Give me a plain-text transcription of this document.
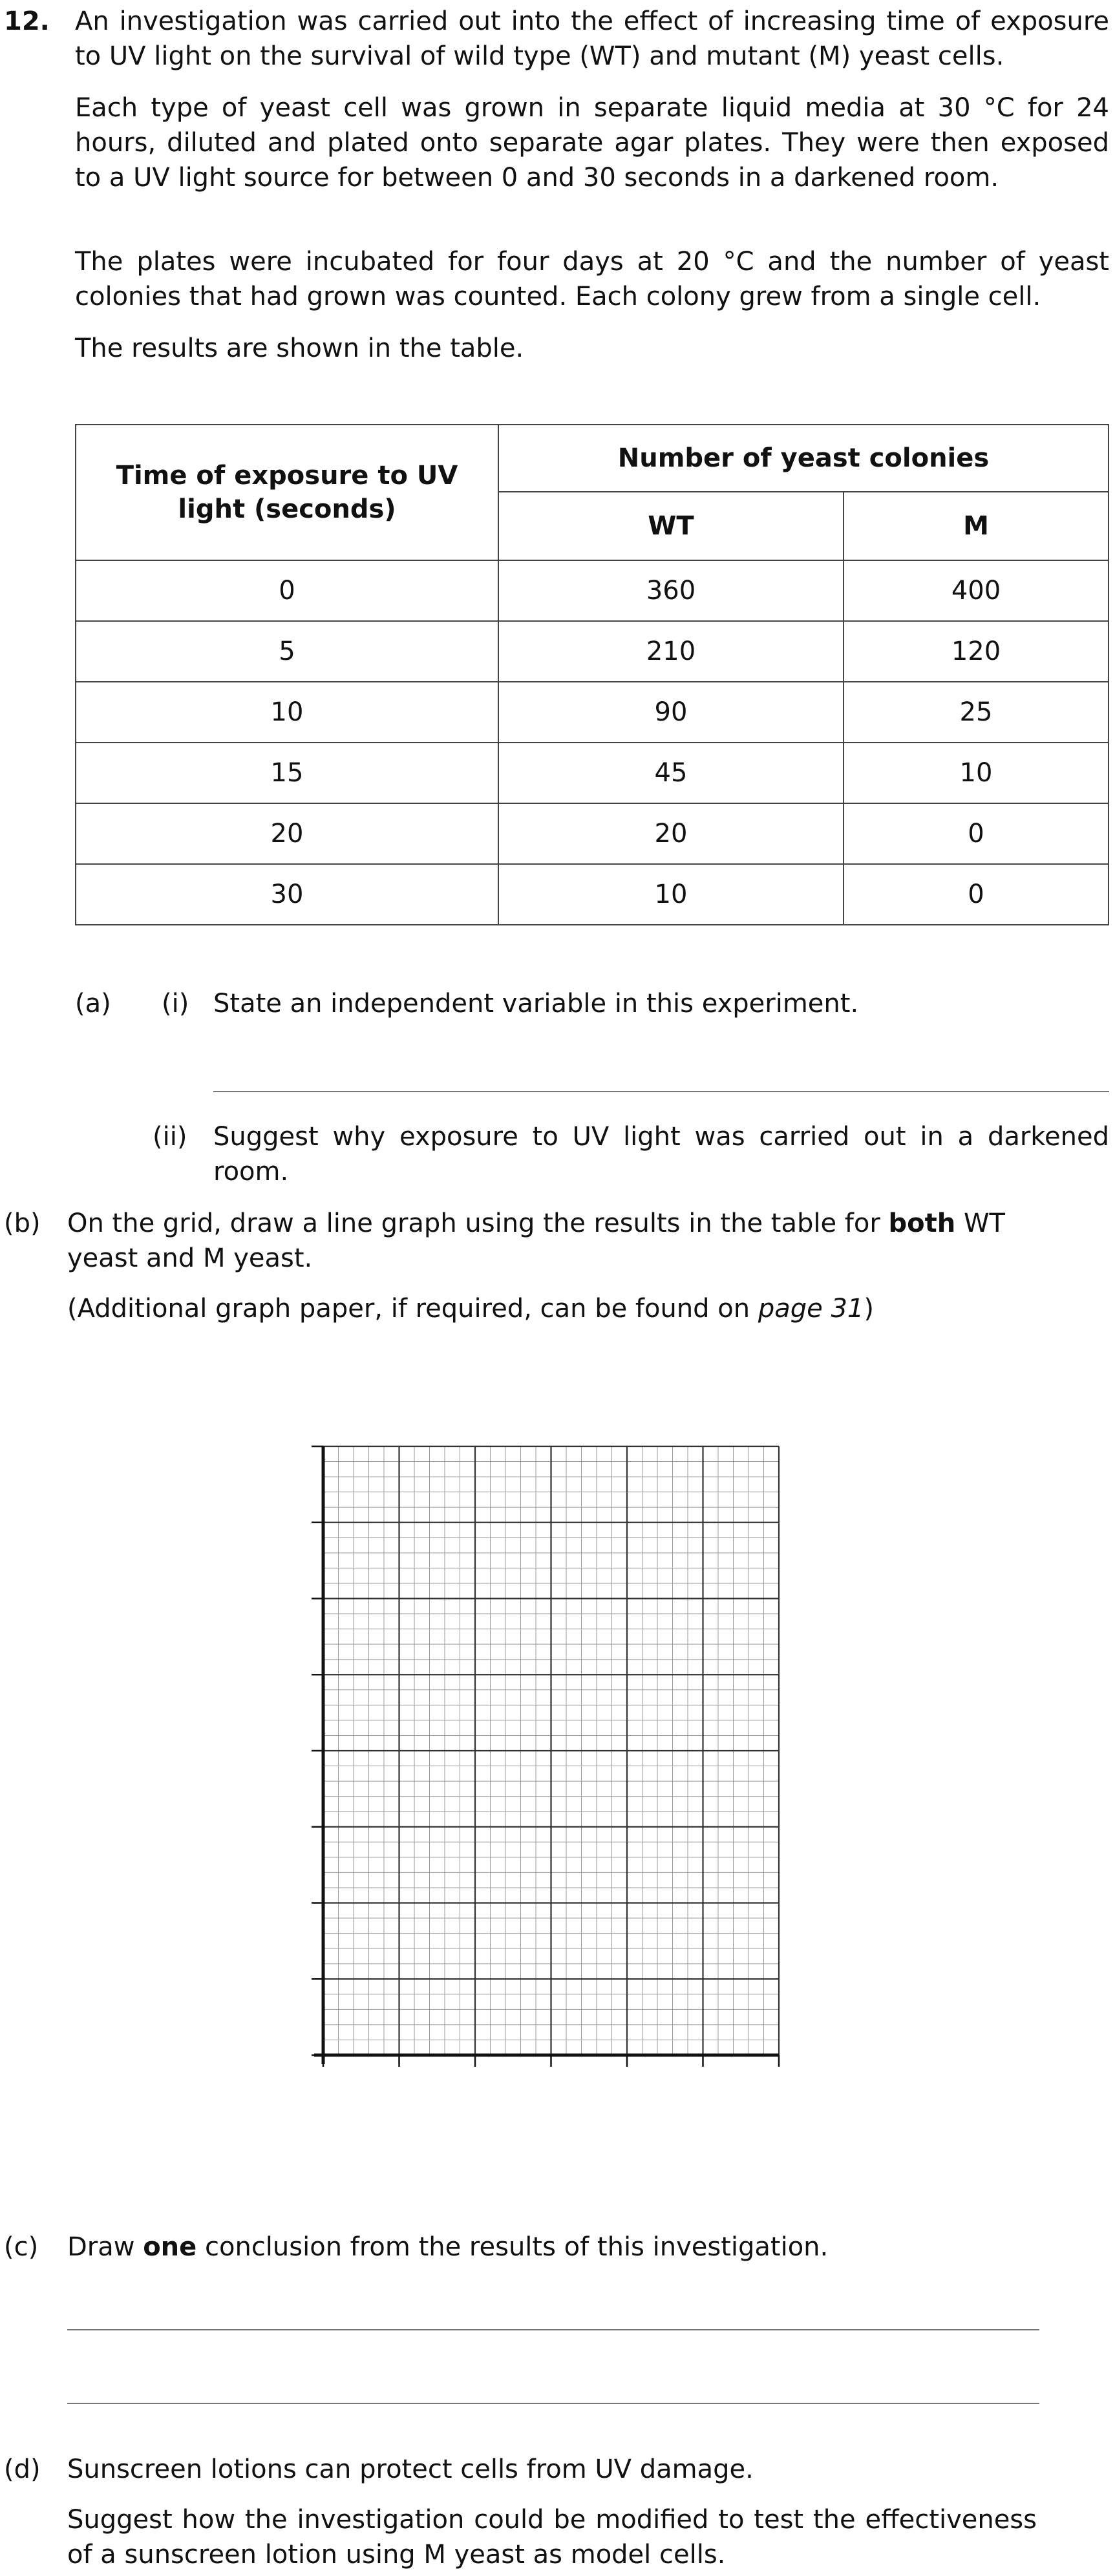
12. An investigation was carried out into the effect of increasing time of exposure to UV light on the survival of wild type (WT) and mutant (M) yeast cells.
Each type of yeast cell was grown in separate liquid media at 30 °C for 24 hours, diluted and plated onto separate agar plates. They were then exposed to a UV light source for between 0 and 30 seconds in a darkened room.
The plates were incubated for four days at 20 °C and the number of yeast colonies that had grown was counted. Each colony grew from a single cell.
The results are shown in the table.
Time of exposure to UV light (seconds)	Number of yeast colonies	
	WT	M
0	360	400
5	210	120
10	90	25
15	45	10
20	20	0
30	10	0
(a) (i) State an independent variable in this experiment.
(ii) Suggest why exposure to UV light was carried out in a darkened room.
(b) On the grid, draw a line graph using the results in the table for both WT yeast and M yeast.
(Additional graph paper, if required, can be found on page 31)
(c) Draw one conclusion from the results of this investigation.
(d) Sunscreen lotions can protect cells from UV damage.
Suggest how the investigation could be modified to test the effectiveness of a sunscreen lotion using M yeast as model cells.
